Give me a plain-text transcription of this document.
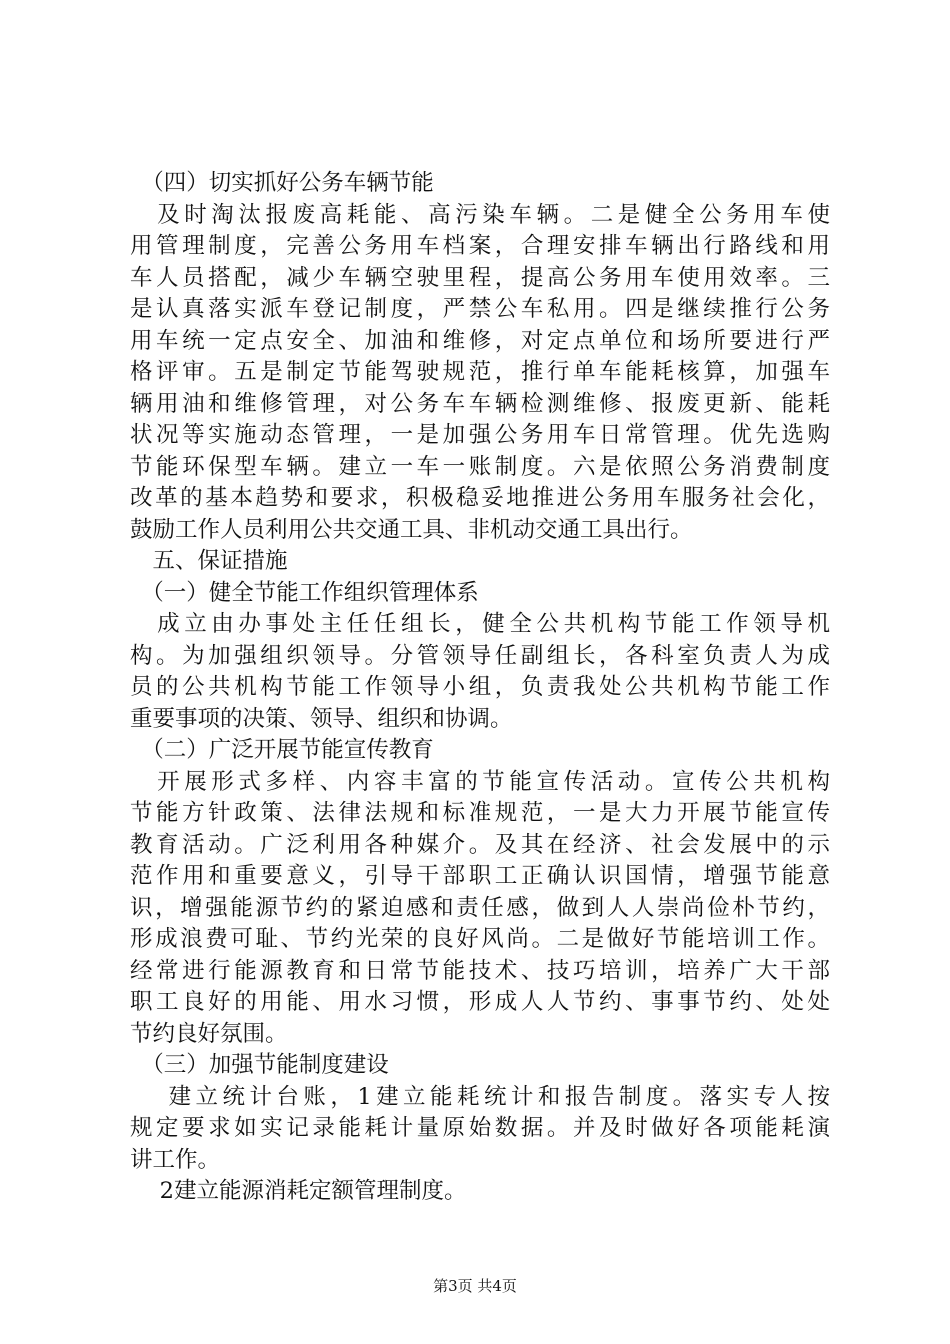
　（四）切实抓好公务车辆节能
　及时淘汰报废高耗能、高污染车辆。二是健全公务用车使
用管理制度，完善公务用车档案，合理安排车辆出行路线和用
车人员搭配，减少车辆空驶里程，提高公务用车使用效率。三
是认真落实派车登记制度，严禁公车私用。四是继续推行公务
用车统一定点安全、加油和维修，对定点单位和场所要进行严
格评审。五是制定节能驾驶规范，推行单车能耗核算，加强车
辆用油和维修管理，对公务车车辆检测维修、报废更新、能耗
状况等实施动态管理，一是加强公务用车日常管理。优先选购
节能环保型车辆。建立一车一账制度。六是依照公务消费制度
改革的基本趋势和要求，积极稳妥地推进公务用车服务社会化，
鼓励工作人员利用公共交通工具、非机动交通工具出行。
　五、保证措施
　（一）健全节能工作组织管理体系
　成立由办事处主任任组长，健全公共机构节能工作领导机
构。为加强组织领导。分管领导任副组长，各科室负责人为成
员的公共机构节能工作领导小组，负责我处公共机构节能工作
重要事项的决策、领导、组织和协调。
　（二）广泛开展节能宣传教育
　开展形式多样、内容丰富的节能宣传活动。宣传公共机构
节能方针政策、法律法规和标准规范，一是大力开展节能宣传
教育活动。广泛利用各种媒介。及其在经济、社会发展中的示
范作用和重要意义，引导干部职工正确认识国情，增强节能意
识，增强能源节约的紧迫感和责任感，做到人人崇尚俭朴节约，
形成浪费可耻、节约光荣的良好风尚。二是做好节能培训工作。
经常进行能源教育和日常节能技术、技巧培训，培养广大干部
职工良好的用能、用水习惯，形成人人节约、事事节约、处处
节约良好氛围。
　（三）加强节能制度建设
　 建立统计台账，1建立能耗统计和报告制度。落实专人按
规定要求如实记录能耗计量原始数据。并及时做好各项能耗演
讲工作。
　 2建立能源消耗定额管理制度。
第3页 共4页
